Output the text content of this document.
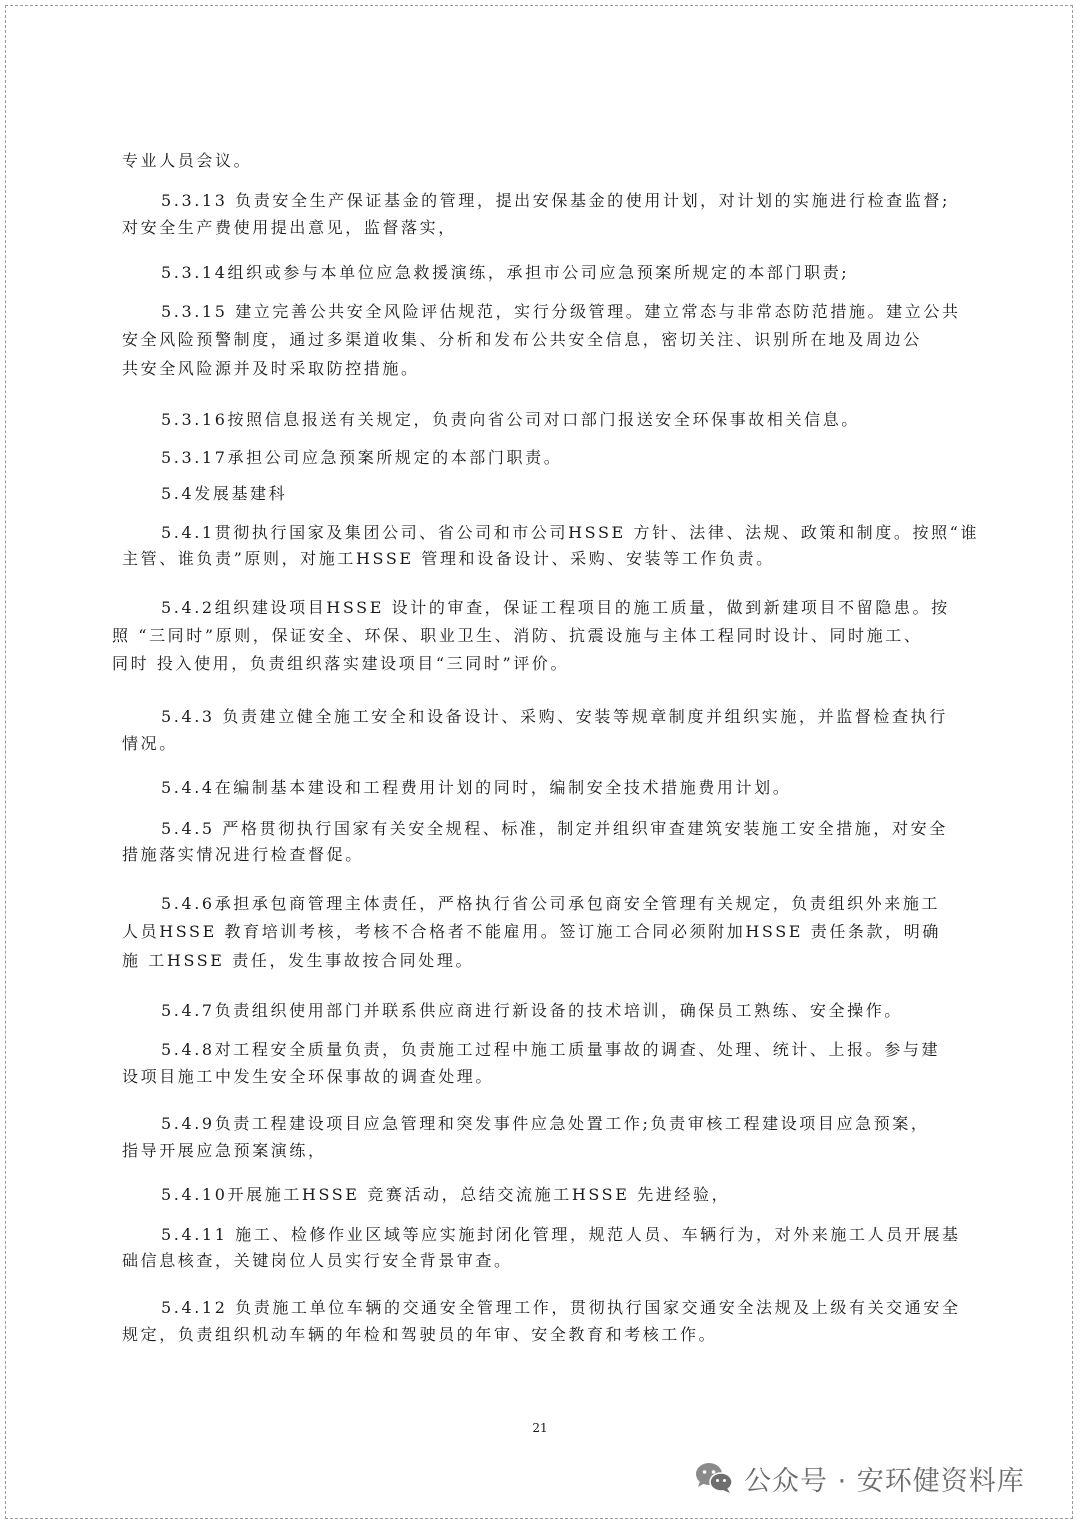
专业人员会议。
5.3.13 负责安全生产保证基金的管理，提出安保基金的使用计划，对计划的实施进行检查监督;
对安全生产费使用提出意见，监督落实，
5.3.14组织或参与本单位应急救援演练，承担市公司应急预案所规定的本部门职责;
5.3.15 建立完善公共安全风险评估规范，实行分级管理。建立常态与非常态防范措施。建立公共
安全风险预警制度，通过多渠道收集、分析和发布公共安全信息，密切关注、识别所在地及周边公
共安全风险源并及时采取防控措施。
5.3.16按照信息报送有关规定，负责向省公司对口部门报送安全环保事故相关信息。
5.3.17承担公司应急预案所规定的本部门职责。
5.4发展基建科
5.4.1贯彻执行国家及集团公司、省公司和市公司HSSE 方针、法律、法规、政策和制度。按照“谁
主管、谁负责”原则，对施工HSSE 管理和设备设计、采购、安装等工作负责。
5.4.2组织建设项目HSSE 设计的审查，保证工程项目的施工质量，做到新建项目不留隐患。按
照 “三同时”原则，保证安全、环保、职业卫生、消防、抗震设施与主体工程同时设计、同时施工、
同时 投入使用，负责组织落实建设项目“三同时”评价。
5.4.3 负责建立健全施工安全和设备设计、采购、安装等规章制度并组织实施，并监督检查执行
情况。
5.4.4在编制基本建设和工程费用计划的同时，编制安全技术措施费用计划。
5.4.5 严格贯彻执行国家有关安全规程、标准，制定并组织审查建筑安装施工安全措施，对安全
措施落实情况进行检查督促。
5.4.6承担承包商管理主体责任，严格执行省公司承包商安全管理有关规定，负责组织外来施工
人员HSSE 教育培训考核，考核不合格者不能雇用。签订施工合同必须附加HSSE 责任条款，明确
施 工HSSE 责任，发生事故按合同处理。
5.4.7负责组织使用部门并联系供应商进行新设备的技术培训，确保员工熟练、安全操作。
5.4.8对工程安全质量负责，负责施工过程中施工质量事故的调查、处理、统计、上报。参与建
设项目施工中发生安全环保事故的调查处理。
5.4.9负责工程建设项目应急管理和突发事件应急处置工作;负责审核工程建设项目应急预案，
指导开展应急预案演练，
5.4.10开展施工HSSE 竞赛活动，总结交流施工HSSE 先进经验，
5.4.11 施工、检修作业区域等应实施封闭化管理，规范人员、车辆行为，对外来施工人员开展基
础信息核查，关键岗位人员实行安全背景审查。
5.4.12 负责施工单位车辆的交通安全管理工作，贯彻执行国家交通安全法规及上级有关交通安全
规定，负责组织机动车辆的年检和驾驶员的年审、安全教育和考核工作。
21
公众号 · 安环健资料库
